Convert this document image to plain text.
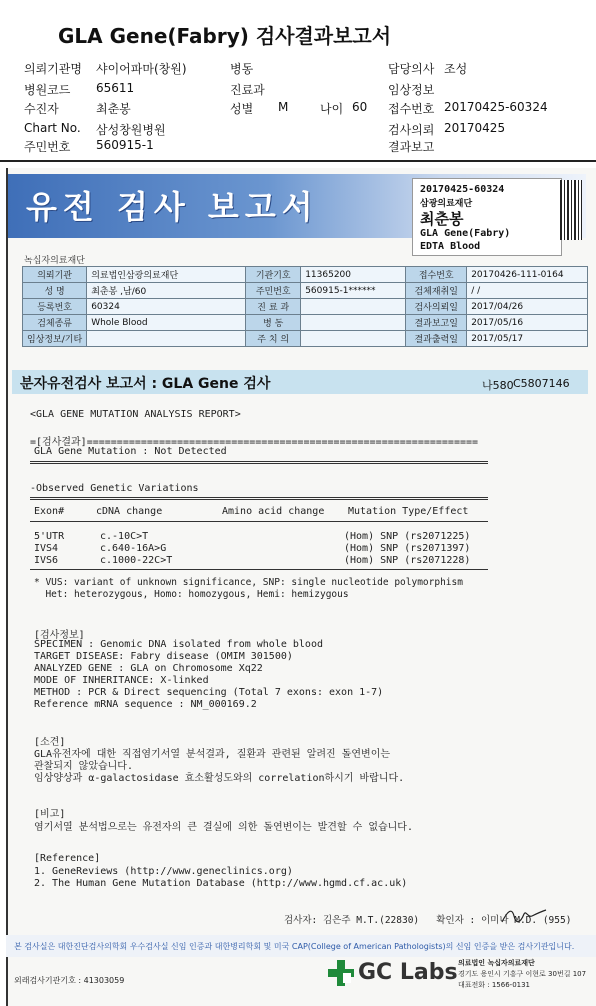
GLA Gene(Fabry) 검사결과보고서
의뢰기관명 샤이어파마(창원)	병동	담당의사 조성
병원코드 65611	진료과	임상정보
수진자	최춘봉	성별 M	나이 60 접수번호 20170425-60324
Chart No. 삼성창원병원	검사의뢰 20170425
주민번호 560915-1	결과보고
유전 검사 보고서	20170425-60324
삼광의료재단
최춘봉
GLA Gene(Fabry)
EDTA Blood
녹십자의료재단
의뢰기관	의료법인삼광의료재단	기관기호	11365200	접수번호	20170426-111-0164
성 명	최춘봉 ,남/60	주민번호	560915-1******	검체재취일	/ /
등록번호	60324	진 료 과		검사의뢰일	2017/04/26
검체종류	Whole Blood	병 동		결과보고일	2017/05/16
임상정보/기타		주 치 의		결과출력일	2017/05/17
분자유전검사 보고서 : GLA Gene 검사	나580 C5807146
<GLA GENE MUTATION ANALYSIS REPORT>
=[검사결과]=================================================================
GLA Gene Mutation : Not Detected
-Observed Genetic Variations
Exon#	cDNA change	Amino acid change Mutation Type/Effect
5'UTR	c.-10C>T	(Hom) SNP (rs2071225)
IVS4	c.640-16A>G	(Hom) SNP (rs2071397)
IVS6	c.1000-22C>T	(Hom) SNP (rs2071228)
* VUS: variant of unknown significance, SNP: single nucleotide polymorphism
Het: heterozygous, Homo: homozygous, Hemi: hemizygous
[검사정보]
SPECIMEN : Genomic DNA isolated from whole blood
TARGET DISEASE: Fabry disease (OMIM 301500)
ANALYZED GENE : GLA on Chromosome Xq22
MODE OF INHERITANCE: X-linked
METHOD : PCR & Direct sequencing (Total 7 exons: exon 1-7)
Reference mRNA sequence : NM_000169.2
[소견]
GLA유전자에 대한 직접염기서열 분석결과, 질환과 관련된 알려진 돌연변이는
관찰되지 않았습니다.
임상양상과 α-galactosidase 효소활성도와의 correlation하시기 바랍니다.
[비고]
염기서열 분석법으로는 유전자의 큰 결실에 의한 돌연변이는 발견할 수 없습니다.
[Reference]
1. GeneReviews (http://www.geneclinics.org)
2. The Human Gene Mutation Database (http://www.hgmd.cf.ac.uk)
검사자: 김은주 M.T.(22830)   확인자 : 이미나 M.D. (955)
본 검사실은 대한진단검사의학회 우수검사실 신임 인증과 대한병리학회 및 미국 CAP(College of American Pathologists)의 신임 인증을 받은 검사기관입니다.
외래검사기관기호 : 41303059	GC Labs 의료법인 녹십자의료재단
경기도 용인시 기흥구 이현로 30번길 107
대표전화 : 1566-0131
